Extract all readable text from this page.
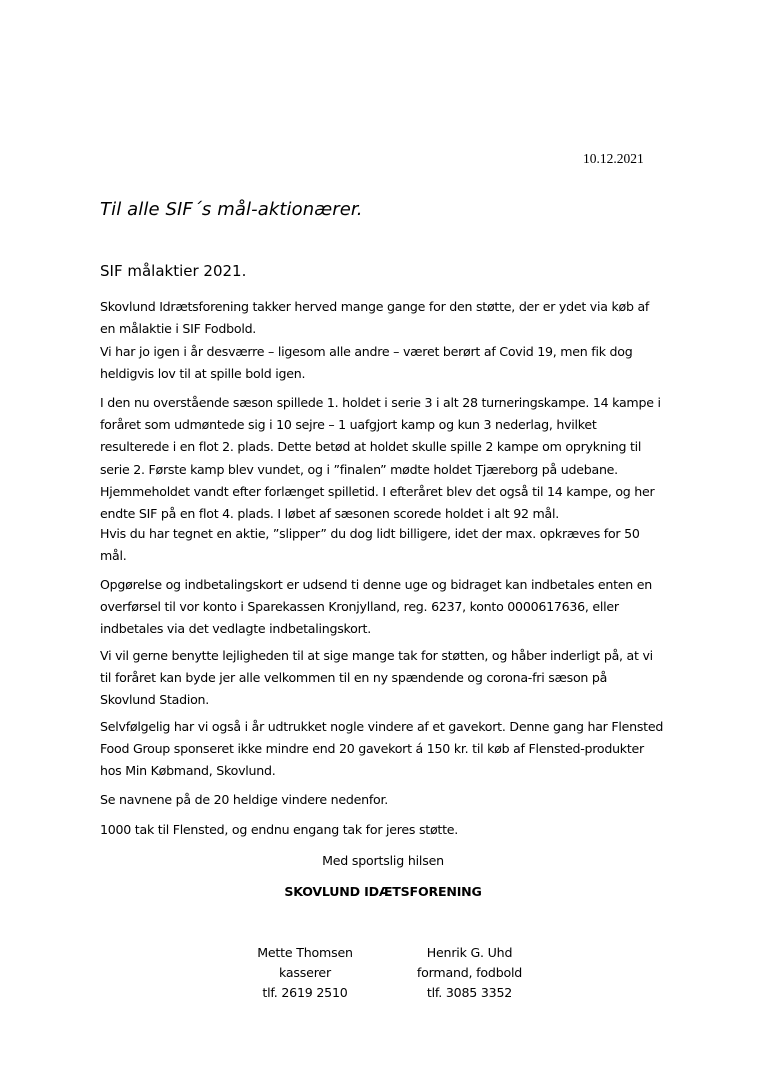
10.12.2021
Til alle SIF´s mål-aktionærer.
SIF målaktier 2021.

Skovlund Idrætsforening takker herved mange gange for den støtte, der er ydet via køb af
en målaktie i SIF Fodbold.

Vi har jo igen i år desværre – ligesom alle andre – været berørt af Covid 19, men fik dog
heldigvis lov til at spille bold igen.

I den nu overstående sæson spillede 1. holdet i serie 3 i alt 28 turneringskampe. 14 kampe i
foråret som udmøntede sig i 10 sejre – 1 uafgjort kamp og kun 3 nederlag, hvilket
resulterede i en flot 2. plads. Dette betød at holdet skulle spille 2 kampe om oprykning til
serie 2. Første kamp blev vundet, og i ”finalen” mødte holdet Tjæreborg på udebane.
Hjemmeholdet vandt efter forlænget spilletid. I efteråret blev det også til 14 kampe, og her
endte SIF på en flot 4. plads. I løbet af sæsonen scorede holdet i alt 92 mål.

Hvis du har tegnet en aktie, ”slipper” du dog lidt billigere, idet der max. opkræves for 50
mål.

Opgørelse og indbetalingskort er udsend ti denne uge og bidraget kan indbetales enten en
overførsel til vor konto i Sparekassen Kronjylland, reg. 6237, konto 0000617636, eller
indbetales via det vedlagte indbetalingskort.

Vi vil gerne benytte lejligheden til at sige mange tak for støtten, og håber inderligt på, at vi
til foråret kan byde jer alle velkommen til en ny spændende og corona-fri sæson på
Skovlund Stadion.

Selvfølgelig har vi også i år udtrukket nogle vindere af et gavekort. Denne gang har Flensted
Food Group sponseret ikke mindre end 20 gavekort á 150 kr. til køb af Flensted-produkter
hos Min Købmand, Skovlund.

Se navnene på de 20 heldige vindere nedenfor.

1000 tak til Flensted, og endnu engang tak for jeres støtte.

Med sportslig hilsen
SKOVLUND IDÆTSFORENING
Mette Thomsen
kasserer
tlf. 2619 2510
Henrik G. Uhd
formand, fodbold
tlf. 3085 3352
